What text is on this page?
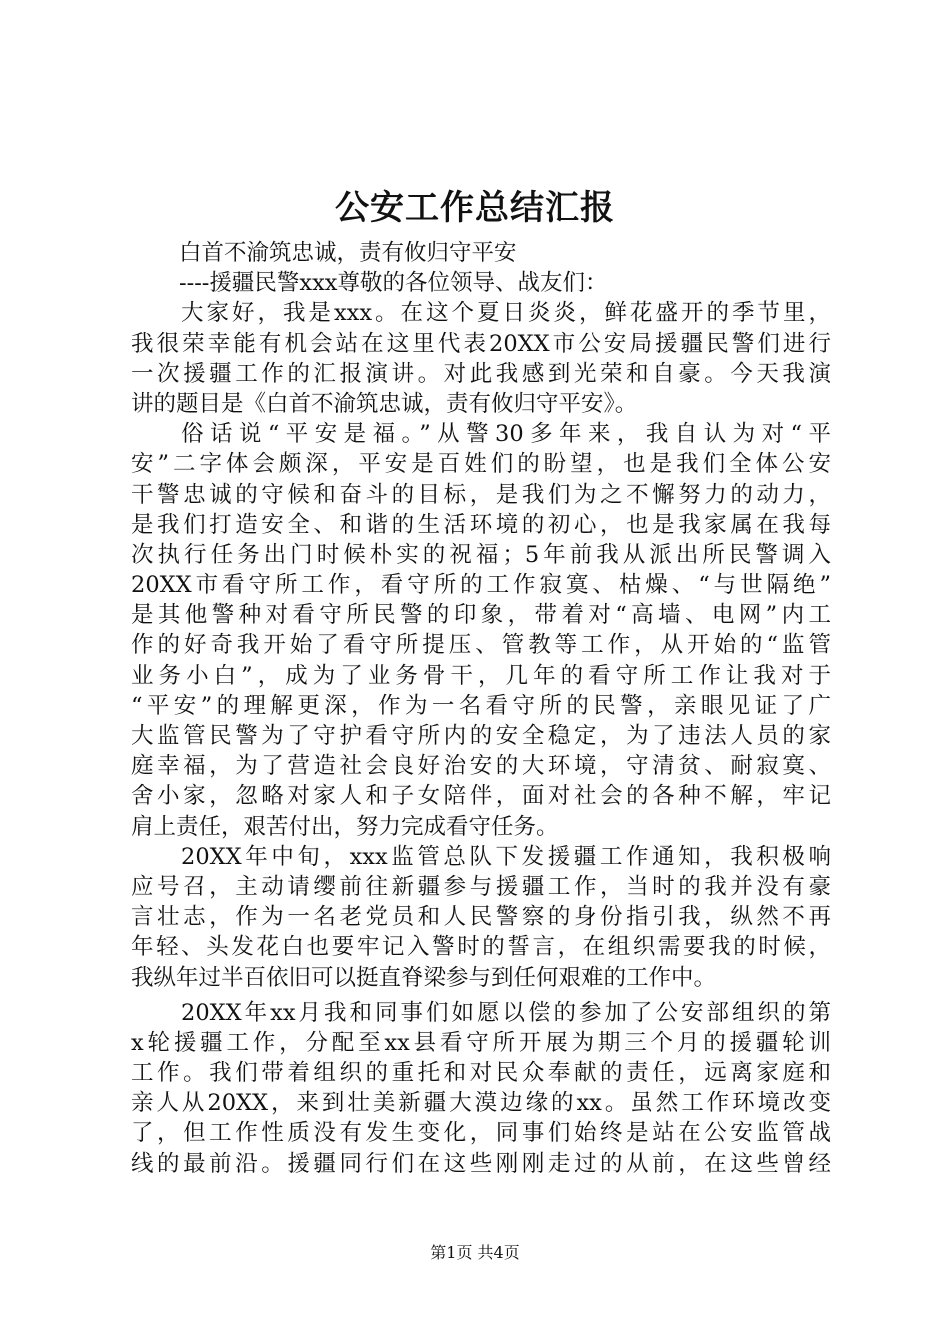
公安工作总结汇报
白首不渝筑忠诚，责有攸归守平安
----援疆民警xxx尊敬的各位领导、战友们：
大家好，我是xxx。在这个夏日炎炎，鲜花盛开的季节里，
我很荣幸能有机会站在这里代表20XX市公安局援疆民警们进行
一次援疆工作的汇报演讲。对此我感到光荣和自豪。今天我演
讲的题目是《白首不渝筑忠诚，责有攸归守平安》。
俗话说“平安是福。”从警30多年来，我自认为对“平
安”二字体会颇深，平安是百姓们的盼望，也是我们全体公安
干警忠诚的守候和奋斗的目标，是我们为之不懈努力的动力，
是我们打造安全、和谐的生活环境的初心，也是我家属在我每
次执行任务出门时候朴实的祝福；5年前我从派出所民警调入
20XX市看守所工作，看守所的工作寂寞、枯燥、“与世隔绝”
是其他警种对看守所民警的印象，带着对“高墙、电网”内工
作的好奇我开始了看守所提压、管教等工作，从开始的“监管
业务小白”，成为了业务骨干，几年的看守所工作让我对于
“平安”的理解更深，作为一名看守所的民警，亲眼见证了广
大监管民警为了守护看守所内的安全稳定，为了违法人员的家
庭幸福，为了营造社会良好治安的大环境，守清贫、耐寂寞、
舍小家，忽略对家人和子女陪伴，面对社会的各种不解，牢记
肩上责任，艰苦付出，努力完成看守任务。
20XX年中旬，xxx监管总队下发援疆工作通知，我积极响
应号召，主动请缨前往新疆参与援疆工作，当时的我并没有豪
言壮志，作为一名老党员和人民警察的身份指引我，纵然不再
年轻、头发花白也要牢记入警时的誓言，在组织需要我的时候，
我纵年过半百依旧可以挺直脊梁参与到任何艰难的工作中。
20XX年xx月我和同事们如愿以偿的参加了公安部组织的第
x轮援疆工作，分配至xx县看守所开展为期三个月的援疆轮训
工作。我们带着组织的重托和对民众奉献的责任，远离家庭和
亲人从20XX，来到壮美新疆大漠边缘的xx。虽然工作环境改变
了，但工作性质没有发生变化，同事们始终是站在公安监管战
线的最前沿。援疆同行们在这些刚刚走过的从前，在这些曾经
第1页 共4页
